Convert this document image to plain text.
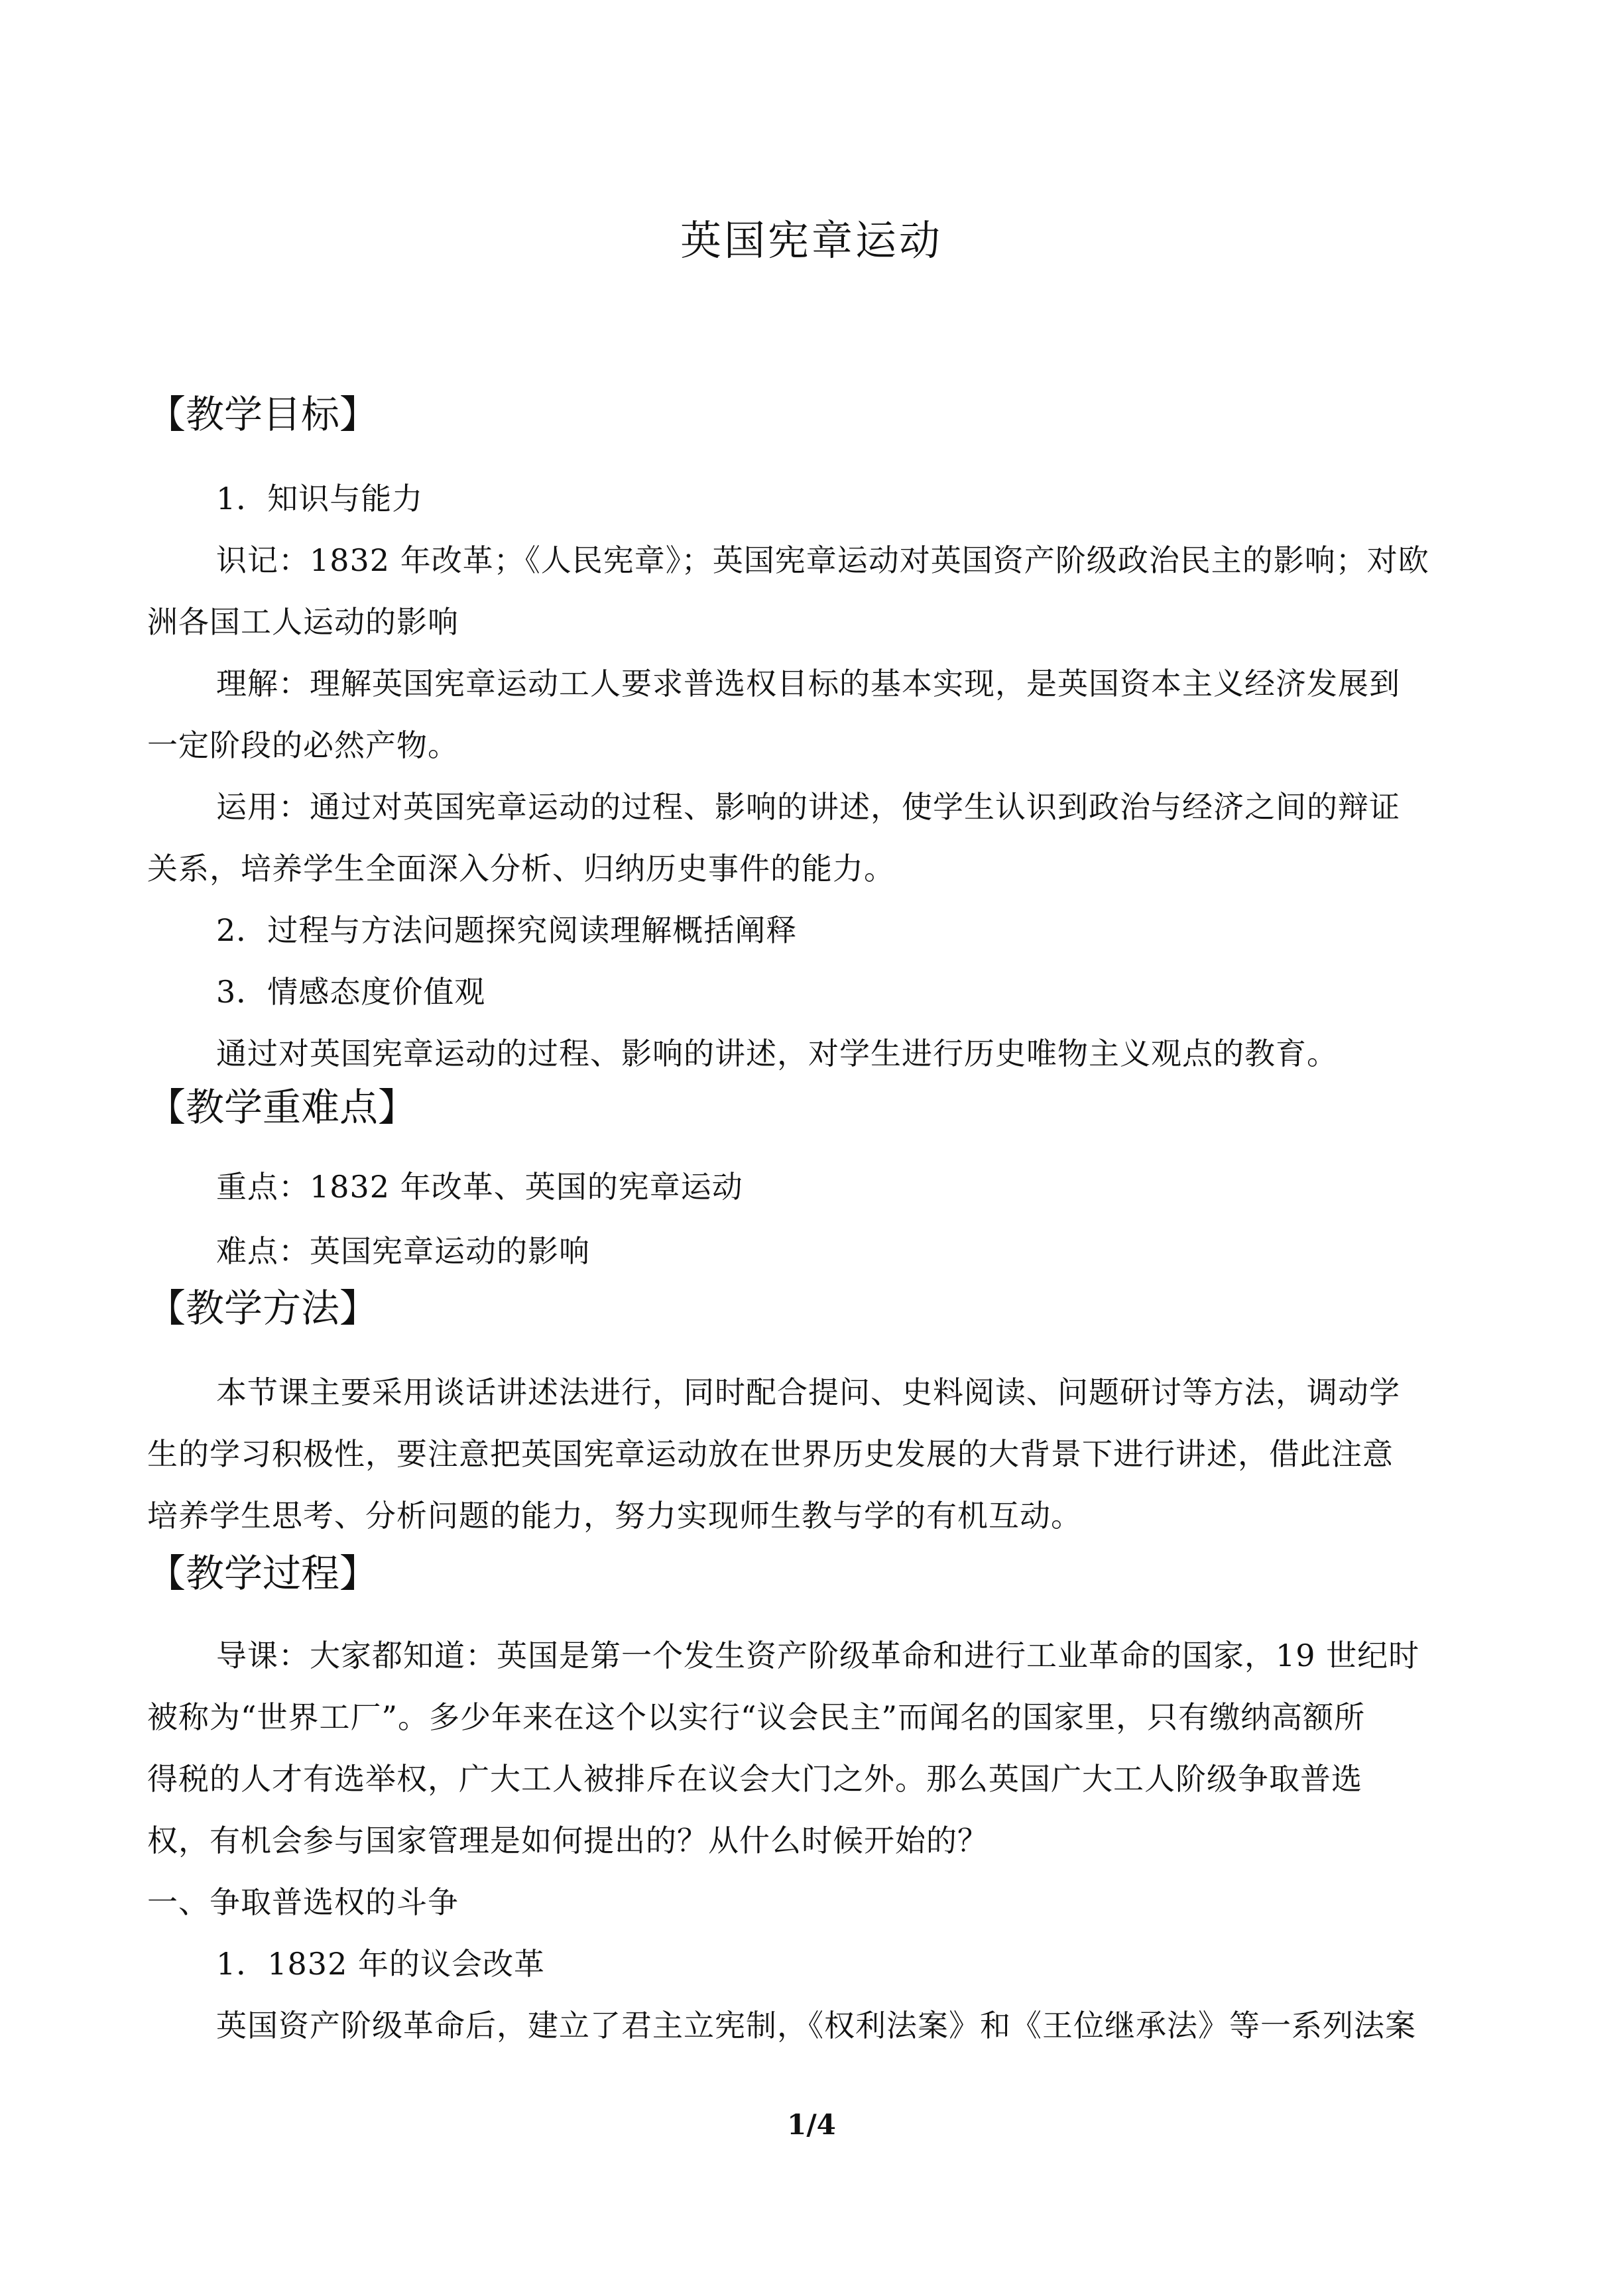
英国宪章运动
【教学目标】
1．知识与能力
识记：1832 年改革；《人民宪章》；英国宪章运动对英国资产阶级政治民主的影响；对欧
洲各国工人运动的影响
理解：理解英国宪章运动工人要求普选权目标的基本实现，是英国资本主义经济发展到
一定阶段的必然产物。
运用：通过对英国宪章运动的过程、影响的讲述，使学生认识到政治与经济之间的辩证
关系，培养学生全面深入分析、归纳历史事件的能力。
2．过程与方法问题探究阅读理解概括阐释
3．情感态度价值观
通过对英国宪章运动的过程、影响的讲述，对学生进行历史唯物主义观点的教育。
【教学重难点】
重点：1832 年改革、英国的宪章运动
难点：英国宪章运动的影响
【教学方法】
本节课主要采用谈话讲述法进行，同时配合提问、史料阅读、问题研讨等方法，调动学
生的学习积极性，要注意把英国宪章运动放在世界历史发展的大背景下进行讲述，借此注意
培养学生思考、分析问题的能力，努力实现师生教与学的有机互动。
【教学过程】
导课：大家都知道：英国是第一个发生资产阶级革命和进行工业革命的国家，19 世纪时
被称为“世界工厂”。多少年来在这个以实行“议会民主”而闻名的国家里，只有缴纳高额所
得税的人才有选举权，广大工人被排斥在议会大门之外。那么英国广大工人阶级争取普选
权，有机会参与国家管理是如何提出的？从什么时候开始的？
一、争取普选权的斗争
1．1832 年的议会改革
英国资产阶级革命后，建立了君主立宪制，《权利法案》和《王位继承法》等一系列法案
1/4
